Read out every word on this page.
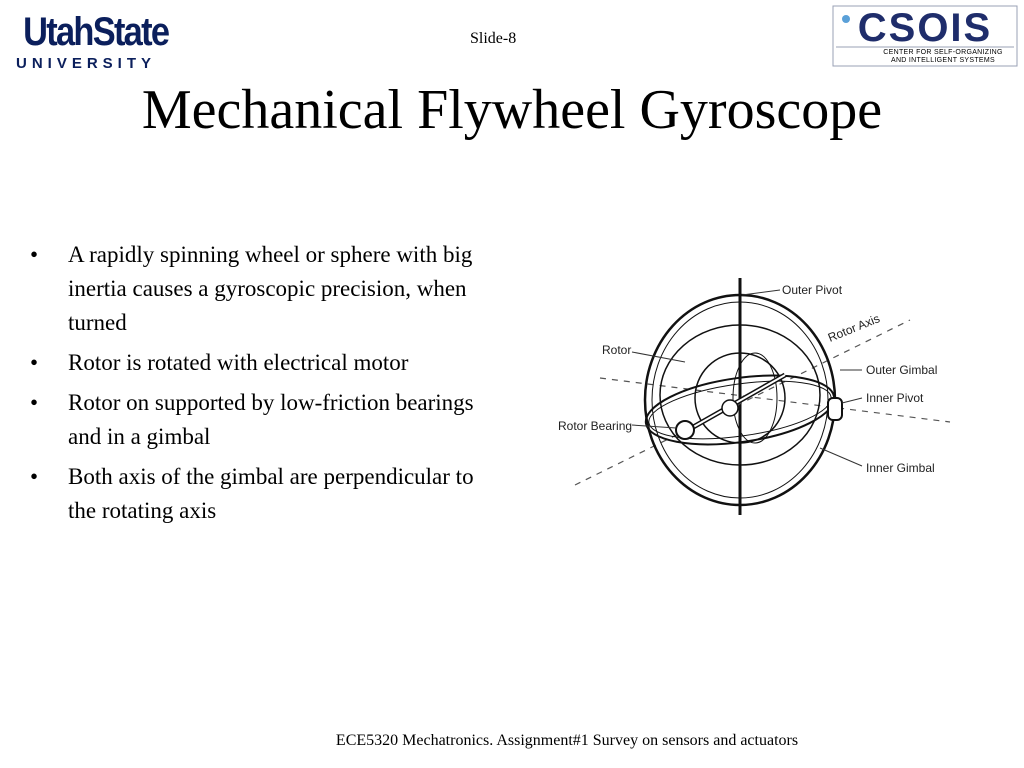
UtahState
UNIVERSITY
Slide-8	CSOIS
CENTER FOR SELF-ORGANIZING
AND INTELLIGENT SYSTEMS
Mechanical Flywheel Gyroscope
• A rapidly spinning wheel or sphere with big inertia causes a gyroscopic precision, when turned
• Rotor is rotated with electrical motor
• Rotor on supported by low-friction bearings and in a gimbal
• Both axis of the gimbal are perpendicular to the rotating axis
Outer Pivot
Rotor Axis
Rotor
Outer Gimbal
Inner Pivot
Rotor Bearing
Inner Gimbal
ECE5320 Mechatronics. Assignment#1 Survey on sensors and actuators
